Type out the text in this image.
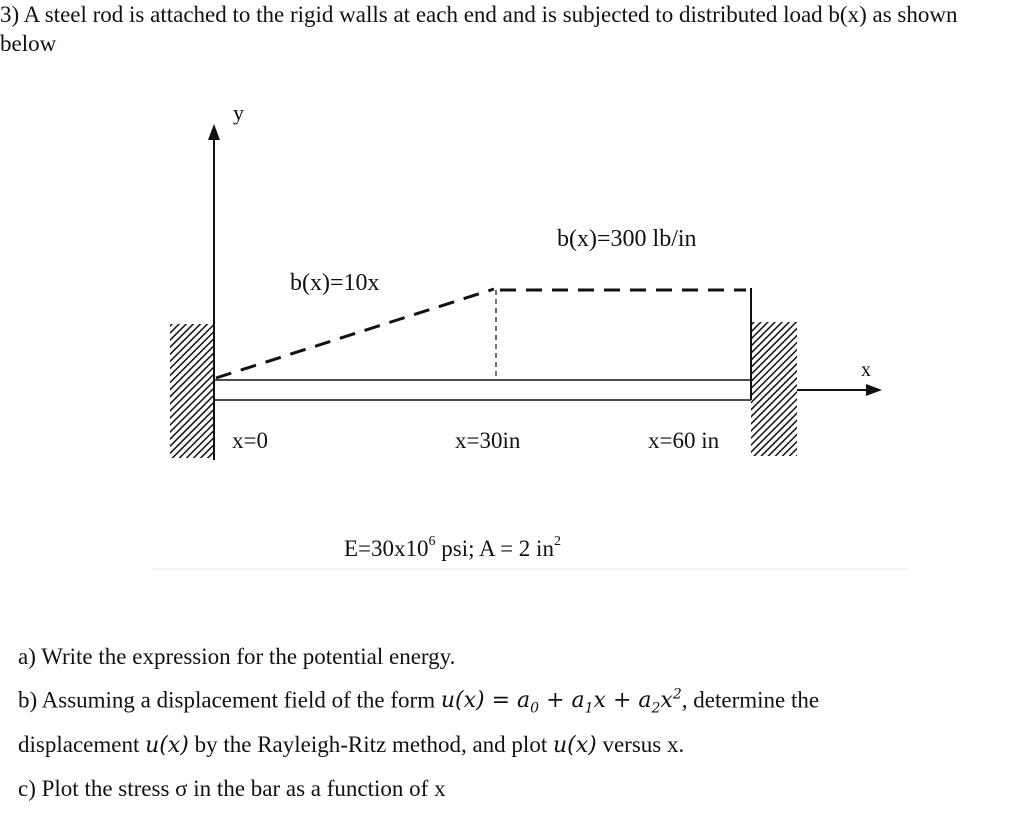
3) A steel rod is attached to the rigid walls at each end and is subjected to distributed load b(x) as shown below
y
x
b(x)=10x
b(x)=300 lb/in
x=0	x=30in	x=60 in
$E=30x10^6$ psi; A = 2 $in^2$
a) Write the expression for the potential energy.
b) Assuming a displacement field of the form $u(x) = a_0 + a_1x + a_2x^2$, determine the
displacement u(x) by the Rayleigh-Ritz method, and plot u(x) versus x.
c) Plot the stress σ in the bar as a function of x
